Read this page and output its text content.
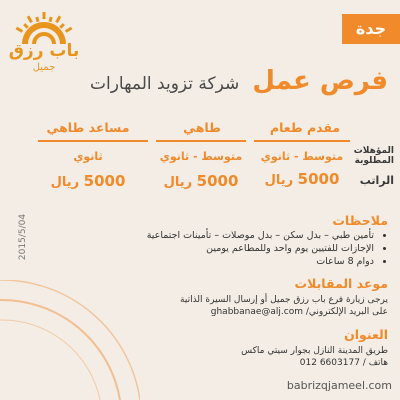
جدة
باب رزق
جميل	فرص عمل شركة تزويد المهارات
مقدم طعام
طاهي
مساعد طاهي
المؤهلات
المطلوبة
متوسط - ثانوي
متوسط - ثانوي
ثانوي
الراتب
5000 ريال
5000 ريال
5000 ريال
2015/5/04	ملاحظات
• تأمين طبي – بدل سكن – بدل موصلات – تأمينات اجتماعية
• الإجازات للفتيين يوم واحد وللمطاعم يومين
• دوام 8 ساعات
موعد المقابلات
يرجى زيارة فرع باب رزق جميل أو إرسال السيرة الذاتية
على البريد الإلكتروني/ ghabbanae@alj.com
العنوان
طريق المدينة النازل بجوار سيتي ماكس
هاتف / 012 6603177
babrizqjameel.com
